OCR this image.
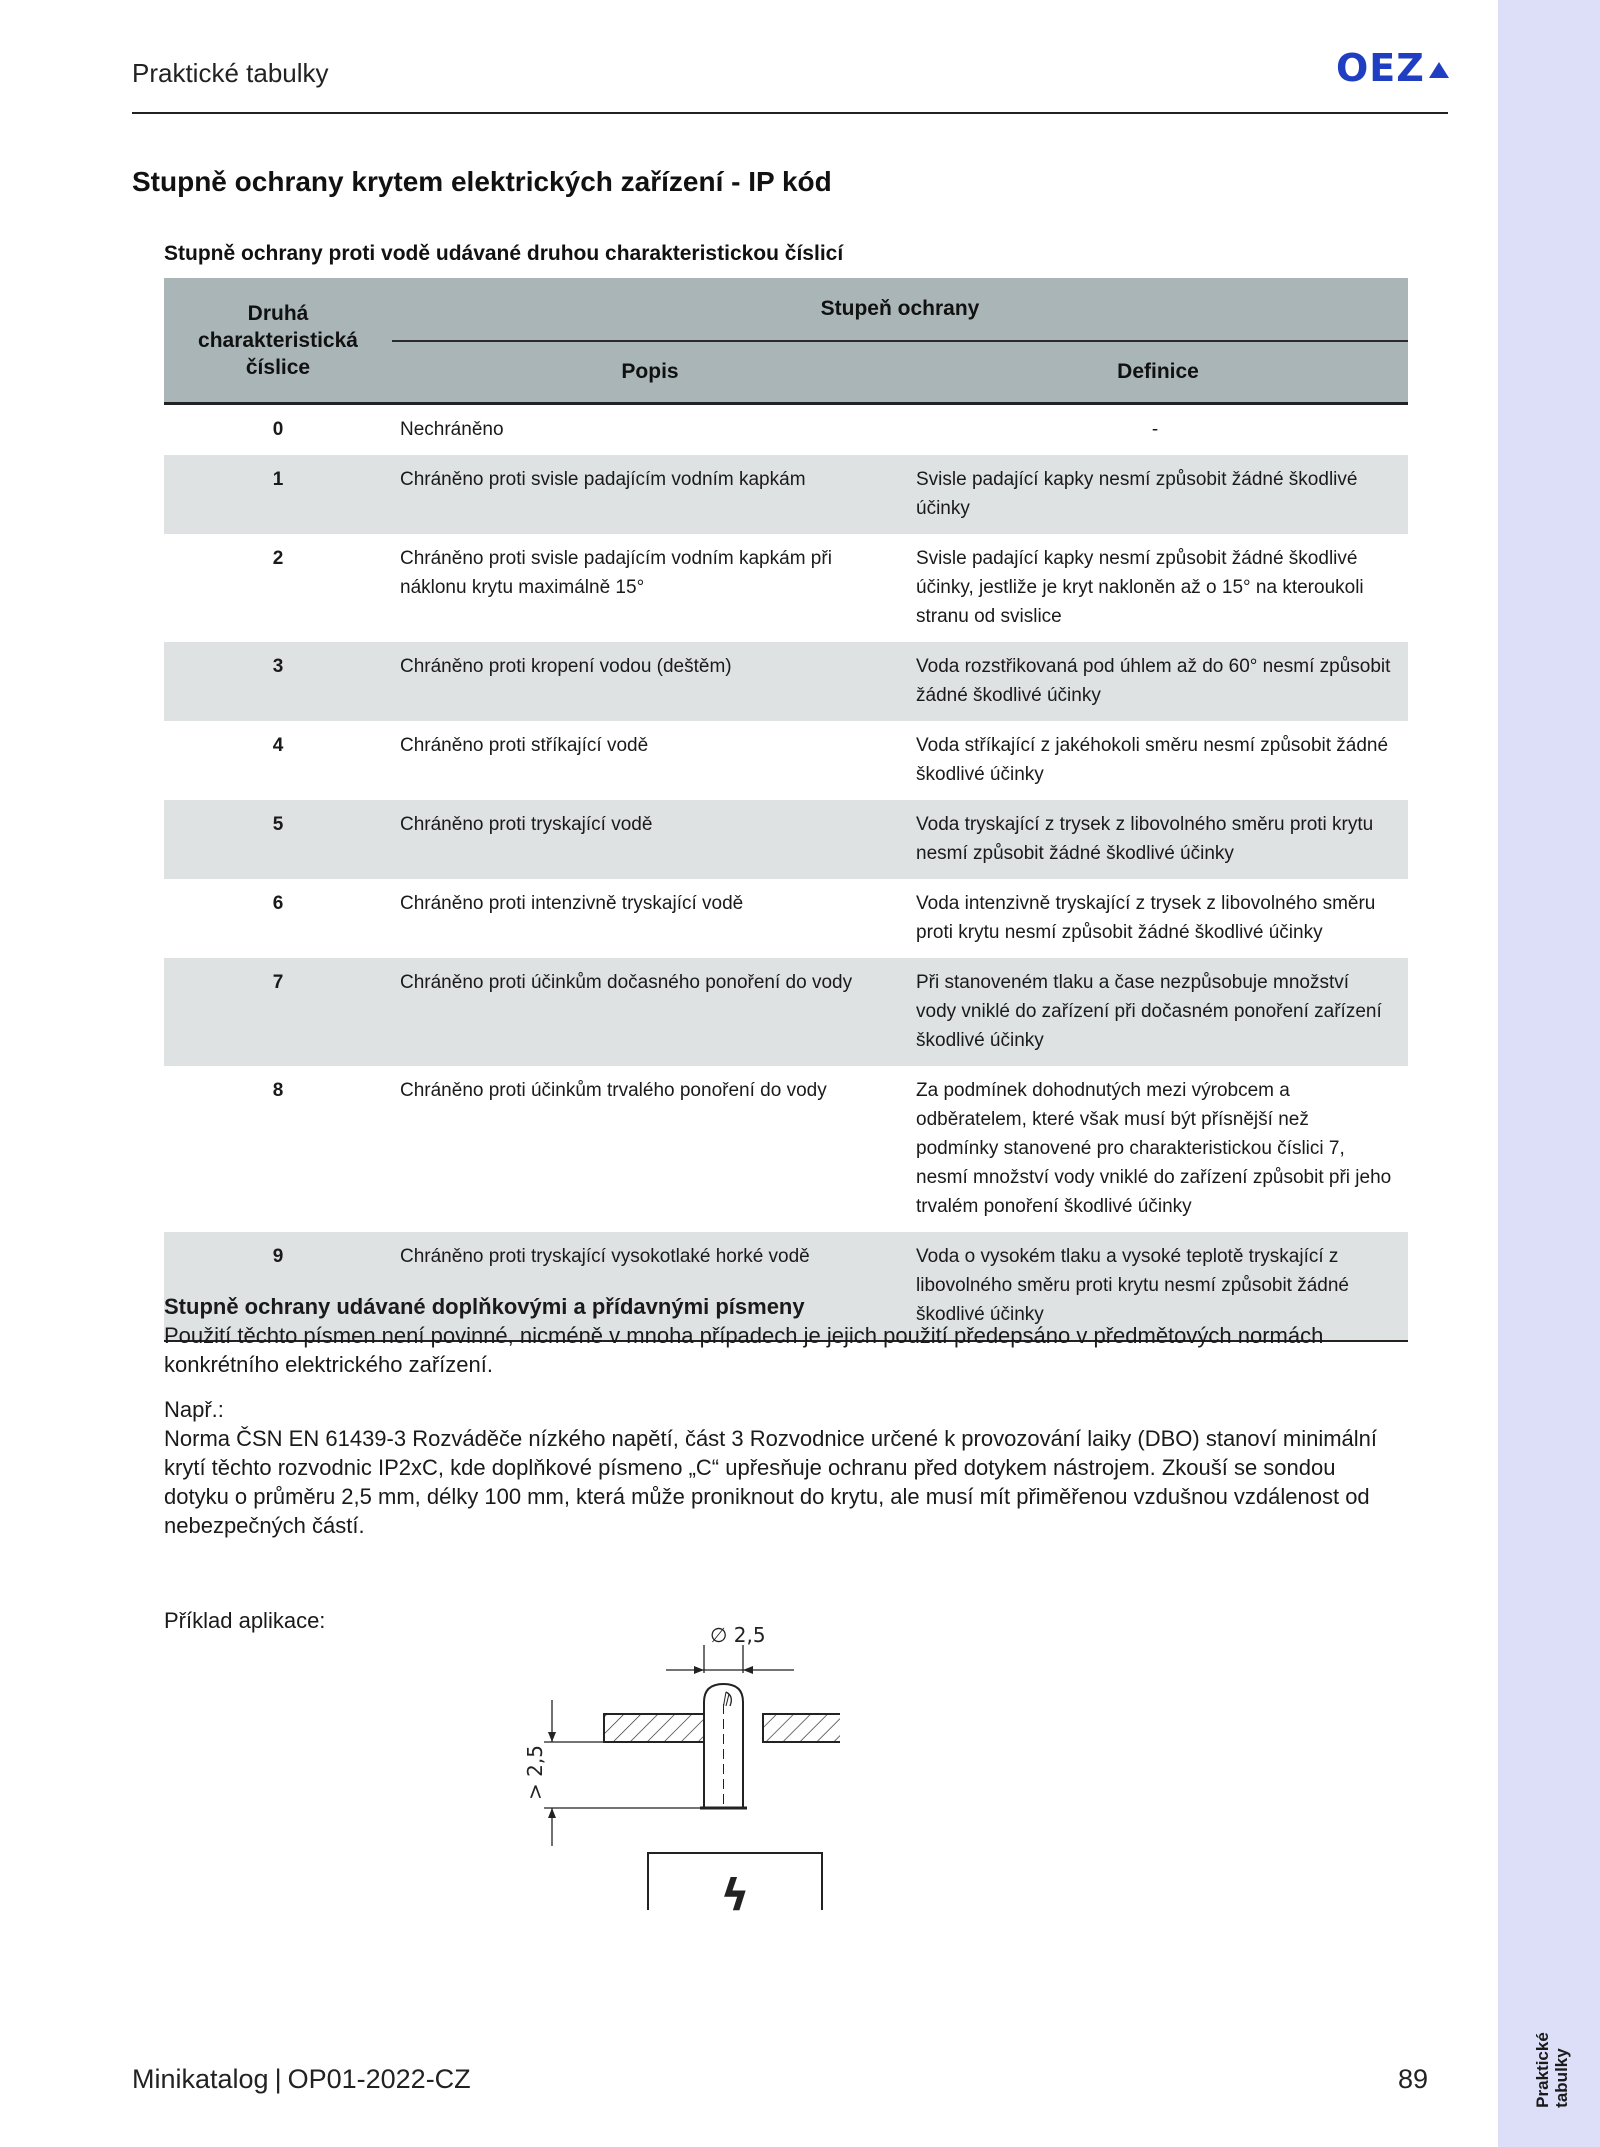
Praktické
tabulky
Praktické tabulky	OEZ
Stupně ochrany krytem elektrických zařízení - IP kód
Stupně ochrany proti vodě udávané druhou charakteristickou číslicí
Druhá charakteristická číslice	Stupeň ochrany	
	Popis	Definice
0	Nechráněno	-
1	Chráněno proti svisle padajícím vodním kapkám	Svisle padající kapky nesmí způsobit žádné škodlivé účinky
2	Chráněno proti svisle padajícím vodním kapkám při náklonu krytu maximálně 15°	Svisle padající kapky nesmí způsobit žádné škodlivé účinky, jestliže je kryt nakloněn až o 15° na kteroukoli stranu od svislice
3	Chráněno proti kropení vodou (deštěm)	Voda rozstřikovaná pod úhlem až do 60° nesmí způsobit žádné škodlivé účinky
4	Chráněno proti stříkající vodě	Voda stříkající z jakéhokoli směru nesmí způsobit žádné škodlivé účinky
5	Chráněno proti tryskající vodě	Voda tryskající z trysek z libovolného směru proti krytu nesmí způsobit žádné škodlivé účinky
6	Chráněno proti intenzivně tryskající vodě	Voda intenzivně tryskající z trysek z libovolného směru proti krytu nesmí způsobit žádné škodlivé účinky
7	Chráněno proti účinkům dočasného ponoření do vody	Při stanoveném tlaku a čase nezpůsobuje množství vody vniklé do zařízení při dočasném ponoření zařízení škodlivé účinky
8	Chráněno proti účinkům trvalého ponoření do vody	Za podmínek dohodnutých mezi výrobcem a odběratelem, které však musí být přísnější než podmínky stanovené pro charakteristickou číslici 7, nesmí množství vody vniklé do zařízení způsobit při jeho trvalém ponoření škodlivé účinky
9	Chráněno proti tryskající vysokotlaké horké vodě	Voda o vysokém tlaku a vysoké teplotě tryskající z libovolného směru proti krytu nesmí způsobit žádné škodlivé účinky

Stupně ochrany udávané doplňkovými a přídavnými písmeny

Použití těchto písmen není povinné, nicméně v mnoha případech je jejich použití předepsáno v předmětových normách konkrétního elektrického zařízení.

Např.:

Norma ČSN EN 61439-3 Rozváděče nízkého napětí, část 3 Rozvodnice určené k provozování laiky (DBO) stanoví minimální krytí těchto rozvodnic IP2xC, kde doplňkové písmeno „C“ upřesňuje ochranu před dotykem nástrojem. Zkouší se sondou dotyku o průměru 2,5 mm, délky 100 mm, která může proniknout do krytu, ale musí mít přiměřenou vzdušnou vzdálenost od nebezpečných částí.

Příklad aplikace:
∅ 2,5
> 2,5
ϟ
Minikatalog | OP01-2022-CZ	89
